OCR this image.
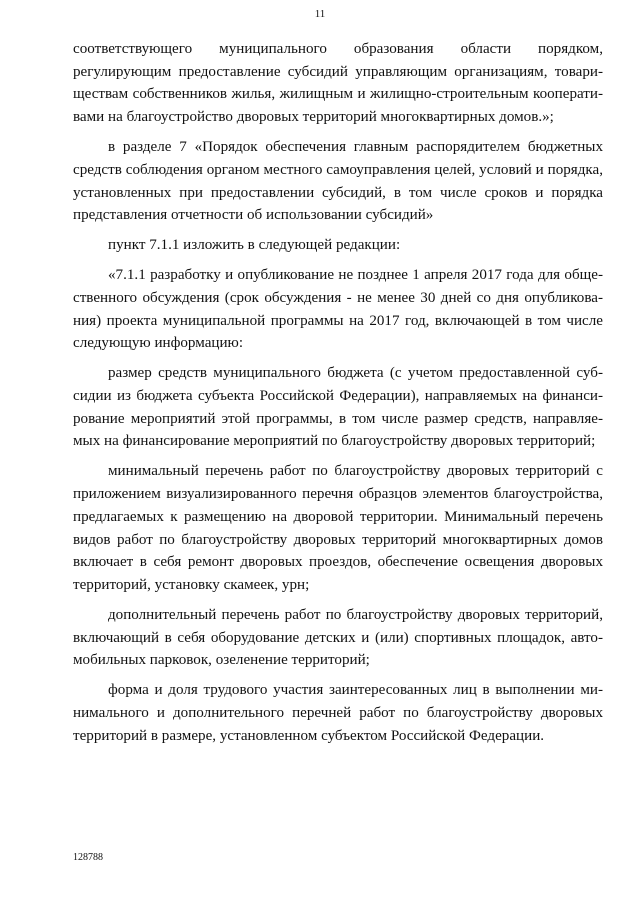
11
соответствующего муниципального образования области порядком,
регулирующим предоставление субсидий управляющим организациям, товари-
ществам собственников жилья, жилищным и жилищно-строительным кооперати-
вами на благоустройство дворовых территорий многоквартирных домов.»;
в разделе 7 «Порядок обеспечения главным распорядителем бюджетных
средств соблюдения органом местного самоуправления целей, условий и порядка,
установленных при предоставлении субсидий, в том числе сроков и порядка
представления отчетности об использовании субсидий»
пункт 7.1.1 изложить в следующей редакции:
«7.1.1 разработку и опубликование не позднее 1 апреля 2017 года для обще-
ственного обсуждения (срок обсуждения - не менее 30 дней со дня опубликова-
ния) проекта муниципальной программы на 2017 год, включающей в том числе
следующую информацию:
размер средств муниципального бюджета (с учетом предоставленной суб-
сидии из бюджета субъекта Российской Федерации), направляемых на финанси-
рование мероприятий этой программы, в том числе размер средств, направляе-
мых на финансирование мероприятий по благоустройству дворовых территорий;
минимальный перечень работ по благоустройству дворовых территорий с
приложением визуализированного перечня образцов элементов благоустройства,
предлагаемых к размещению на дворовой территории. Минимальный перечень
видов работ по благоустройству дворовых территорий многоквартирных домов
включает в себя ремонт дворовых проездов, обеспечение освещения дворовых
территорий, установку скамеек, урн;
дополнительный перечень работ по благоустройству дворовых территорий,
включающий в себя оборудование детских и (или) спортивных площадок, авто-
мобильных парковок, озеленение территорий;
форма и доля трудового участия заинтересованных лиц в выполнении ми-
нимального и дополнительного перечней работ по благоустройству дворовых
территорий в размере, установленном субъектом Российской Федерации.
128788
